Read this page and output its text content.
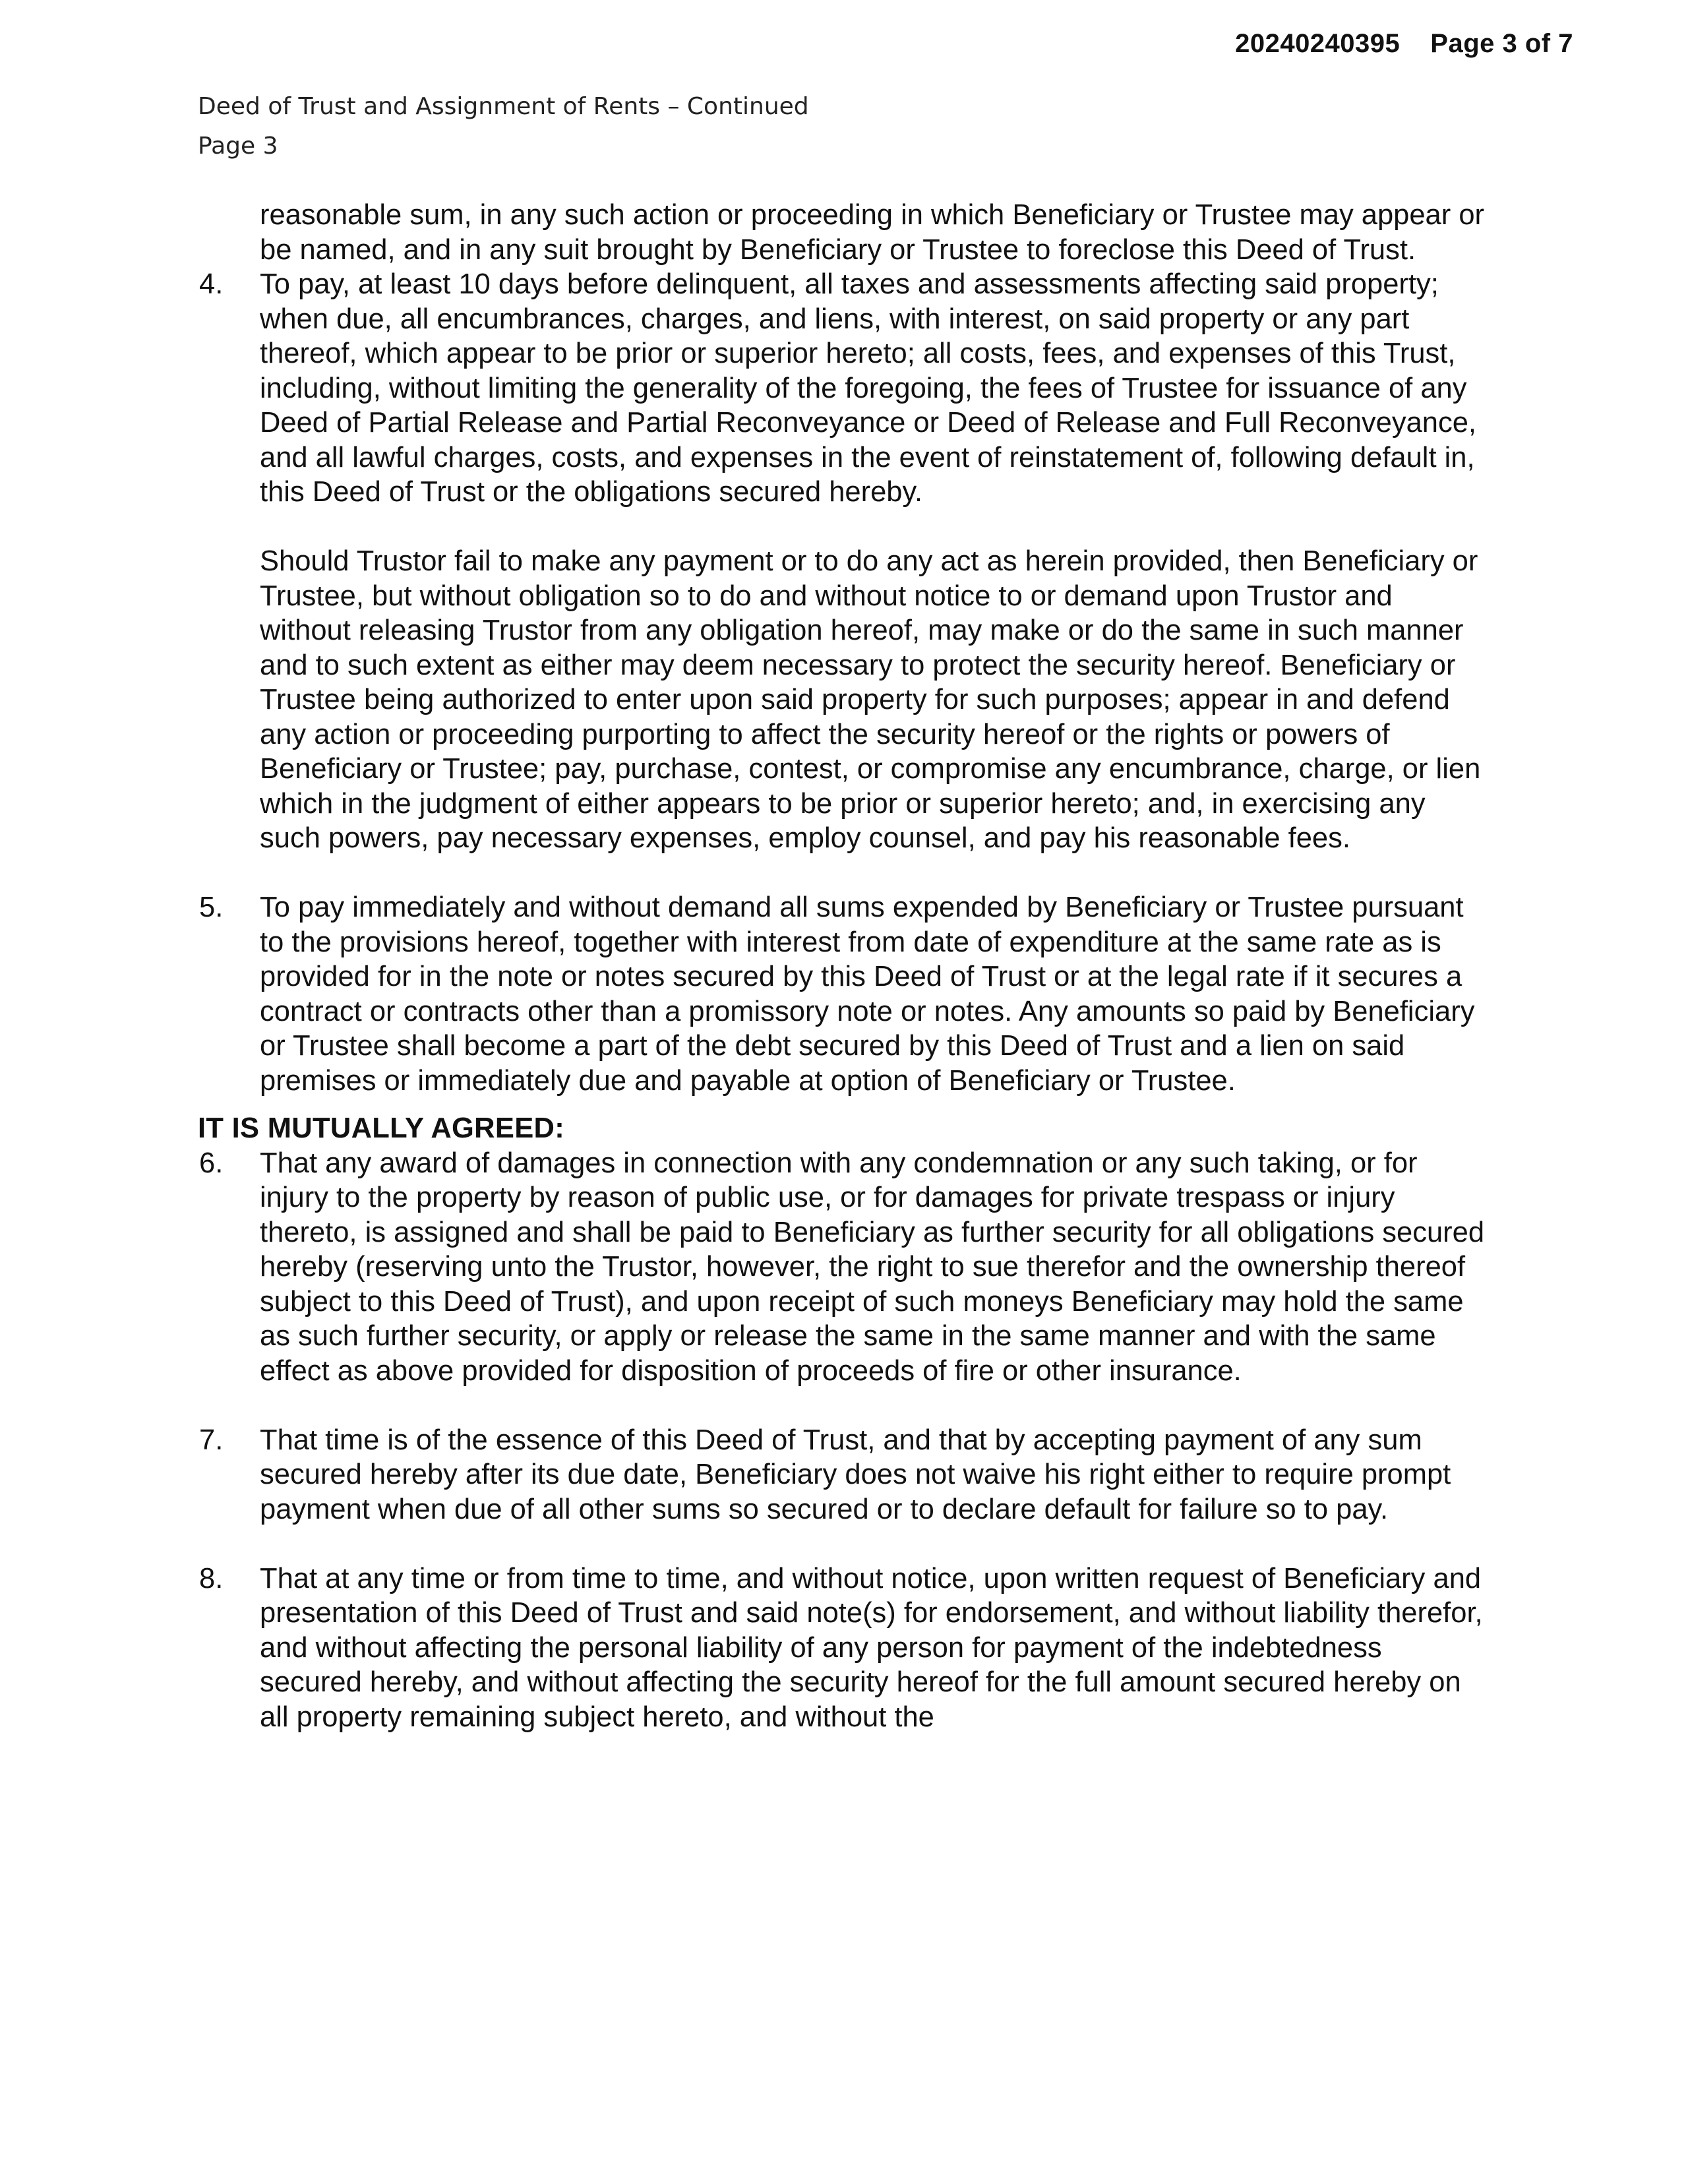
20240240395 Page 3 of 7
Deed of Trust and Assignment of Rents – Continued
Page 3

reasonable sum, in any such action or proceeding in which Beneficiary or Trustee may appear or be named, and in any suit brought by Beneficiary or Trustee to foreclose this Deed of Trust.

4. To pay, at least 10 days before delinquent, all taxes and assessments affecting said property; when due, all encumbrances, charges, and liens, with interest, on said property or any part thereof, which appear to be prior or superior hereto; all costs, fees, and expenses of this Trust, including, without limiting the generality of the foregoing, the fees of Trustee for issuance of any Deed of Partial Release and Partial Reconveyance or Deed of Release and Full Reconveyance, and all lawful charges, costs, and expenses in the event of reinstatement of, following default in, this Deed of Trust or the obligations secured hereby.

Should Trustor fail to make any payment or to do any act as herein provided, then Beneficiary or Trustee, but without obligation so to do and without notice to or demand upon Trustor and without releasing Trustor from any obligation hereof, may make or do the same in such manner and to such extent as either may deem necessary to protect the security hereof. Beneficiary or Trustee being authorized to enter upon said property for such purposes; appear in and defend any action or proceeding purporting to affect the security hereof or the rights or powers of Beneficiary or Trustee; pay, purchase, contest, or compromise any encumbrance, charge, or lien which in the judgment of either appears to be prior or superior hereto; and, in exercising any such powers, pay necessary expenses, employ counsel, and pay his reasonable fees.

5. To pay immediately and without demand all sums expended by Beneficiary or Trustee pursuant to the provisions hereof, together with interest from date of expenditure at the same rate as is provided for in the note or notes secured by this Deed of Trust or at the legal rate if it secures a contract or contracts other than a promissory note or notes. Any amounts so paid by Beneficiary or Trustee shall become a part of the debt secured by this Deed of Trust and a lien on said premises or immediately due and payable at option of Beneficiary or Trustee.

IT IS MUTUALLY AGREED:

6. That any award of damages in connection with any condemnation or any such taking, or for injury to the property by reason of public use, or for damages for private trespass or injury thereto, is assigned and shall be paid to Beneficiary as further security for all obligations secured hereby (reserving unto the Trustor, however, the right to sue therefor and the ownership thereof subject to this Deed of Trust), and upon receipt of such moneys Beneficiary may hold the same as such further security, or apply or release the same in the same manner and with the same effect as above provided for disposition of proceeds of fire or other insurance.

7. That time is of the essence of this Deed of Trust, and that by accepting payment of any sum secured hereby after its due date, Beneficiary does not waive his right either to require prompt payment when due of all other sums so secured or to declare default for failure so to pay.

8. That at any time or from time to time, and without notice, upon written request of Beneficiary and presentation of this Deed of Trust and said note(s) for endorsement, and without liability therefor, and without affecting the personal liability of any person for payment of the indebtedness secured hereby, and without affecting the security hereof for the full amount secured hereby on all property remaining subject hereto, and without the
